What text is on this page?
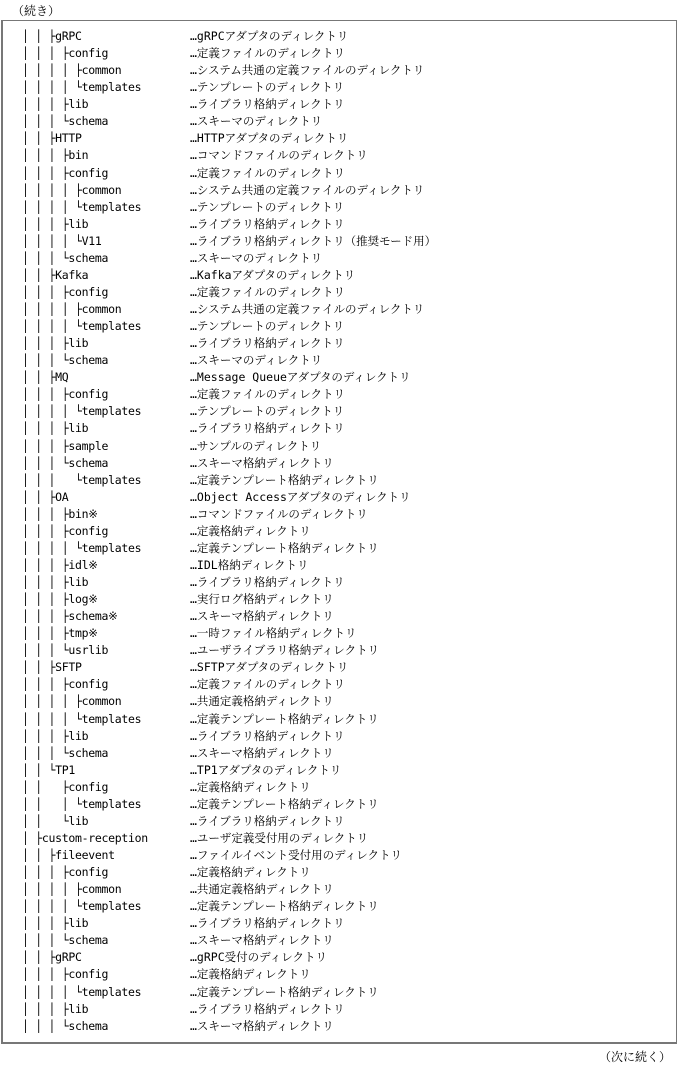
（続き）
│ │ ├gRPC	…gRPCアダプタのディレクトリ
│ │ │ ├config	…定義ファイルのディレクトリ
│ │ │ │ ├common	…システム共通の定義ファイルのディレクトリ
│ │ │ │ └templates	…テンプレートのディレクトリ
│ │ │ ├lib	…ライブラリ格納ディレクトリ
│ │ │ └schema	…スキーマのディレクトリ
│ │ ├HTTP	…HTTPアダプタのディレクトリ
│ │ │ ├bin	…コマンドファイルのディレクトリ
│ │ │ ├config	…定義ファイルのディレクトリ
│ │ │ │ ├common	…システム共通の定義ファイルのディレクトリ
│ │ │ │ └templates	…テンプレートのディレクトリ
│ │ │ ├lib	…ライブラリ格納ディレクトリ
│ │ │ │ └V11	…ライブラリ格納ディレクトリ（推奨モード用）
│ │ │ └schema	…スキーマのディレクトリ
│ │ ├Kafka	…Kafkaアダプタのディレクトリ
│ │ │ ├config	…定義ファイルのディレクトリ
│ │ │ │ ├common	…システム共通の定義ファイルのディレクトリ
│ │ │ │ └templates	…テンプレートのディレクトリ
│ │ │ ├lib	…ライブラリ格納ディレクトリ
│ │ │ └schema	…スキーマのディレクトリ
│ │ ├MQ	…Message Queueアダプタのディレクトリ
│ │ │ ├config	…定義ファイルのディレクトリ
│ │ │ │ └templates	…テンプレートのディレクトリ
│ │ │ ├lib	…ライブラリ格納ディレクトリ
│ │ │ ├sample	…サンプルのディレクトリ
│ │ │ └schema	…スキーマ格納ディレクトリ
│ │ │   └templates	…定義テンプレート格納ディレクトリ
│ │ ├OA	…Object Accessアダプタのディレクトリ
│ │ │ ├bin※	…コマンドファイルのディレクトリ
│ │ │ ├config	…定義格納ディレクトリ
│ │ │ │ └templates	…定義テンプレート格納ディレクトリ
│ │ │ ├idl※	…IDL格納ディレクトリ
│ │ │ ├lib	…ライブラリ格納ディレクトリ
│ │ │ ├log※	…実行ログ格納ディレクトリ
│ │ │ ├schema※	…スキーマ格納ディレクトリ
│ │ │ ├tmp※	…一時ファイル格納ディレクトリ
│ │ │ └usrlib	…ユーザライブラリ格納ディレクトリ
│ │ ├SFTP	…SFTPアダプタのディレクトリ
│ │ │ ├config	…定義ファイルのディレクトリ
│ │ │ │ ├common	…共通定義格納ディレクトリ
│ │ │ │ └templates	…定義テンプレート格納ディレクトリ
│ │ │ ├lib	…ライブラリ格納ディレクトリ
│ │ │ └schema	…スキーマ格納ディレクトリ
│ │ └TP1	…TP1アダプタのディレクトリ
│ │   ├config	…定義格納ディレクトリ
│ │   │ └templates	…定義テンプレート格納ディレクトリ
│ │   └lib	…ライブラリ格納ディレクトリ
│ ├custom-reception	…ユーザ定義受付用のディレクトリ
│ │ ├fileevent	…ファイルイベント受付用のディレクトリ
│ │ │ ├config	…定義格納ディレクトリ
│ │ │ │ ├common	…共通定義格納ディレクトリ
│ │ │ │ └templates	…定義テンプレート格納ディレクトリ
│ │ │ ├lib	…ライブラリ格納ディレクトリ
│ │ │ └schema	…スキーマ格納ディレクトリ
│ │ ├gRPC	…gRPC受付のディレクトリ
│ │ │ ├config	…定義格納ディレクトリ
│ │ │ │ └templates	…定義テンプレート格納ディレクトリ
│ │ │ ├lib	…ライブラリ格納ディレクトリ
│ │ │ └schema	…スキーマ格納ディレクトリ
（次に続く）
